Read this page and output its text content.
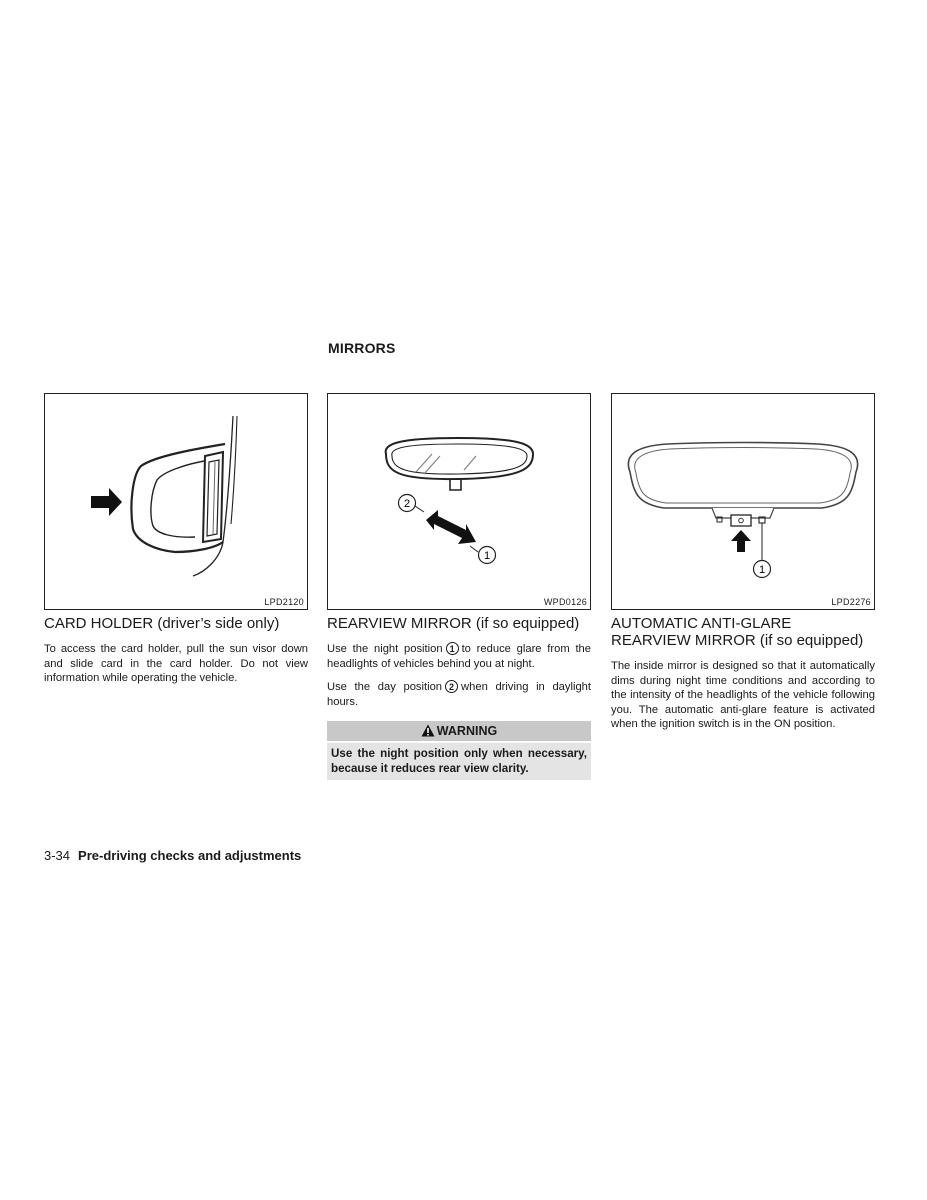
MIRRORS
LPD2120
CARD HOLDER (driver’s side only)
To access the card holder, pull the sun visor down and slide card in the card holder. Do not view information while operating the vehicle.
2
1
WPD0126
REARVIEW MIRROR (if so equipped)
Use the night position 1 to reduce glare from the headlights of vehicles behind you at night.
Use the day position 2 when driving in daylight hours.
WARNING
Use the night position only when necessary, because it reduces rear view clarity.
1
LPD2276
AUTOMATIC ANTI-GLARE
REARVIEW MIRROR (if so equipped)
The inside mirror is designed so that it automatically dims during night time conditions and according to the intensity of the headlights of the vehicle following you. The automatic anti-glare feature is activated when the ignition switch is in the ON position.
3-34 Pre-driving checks and adjustments
